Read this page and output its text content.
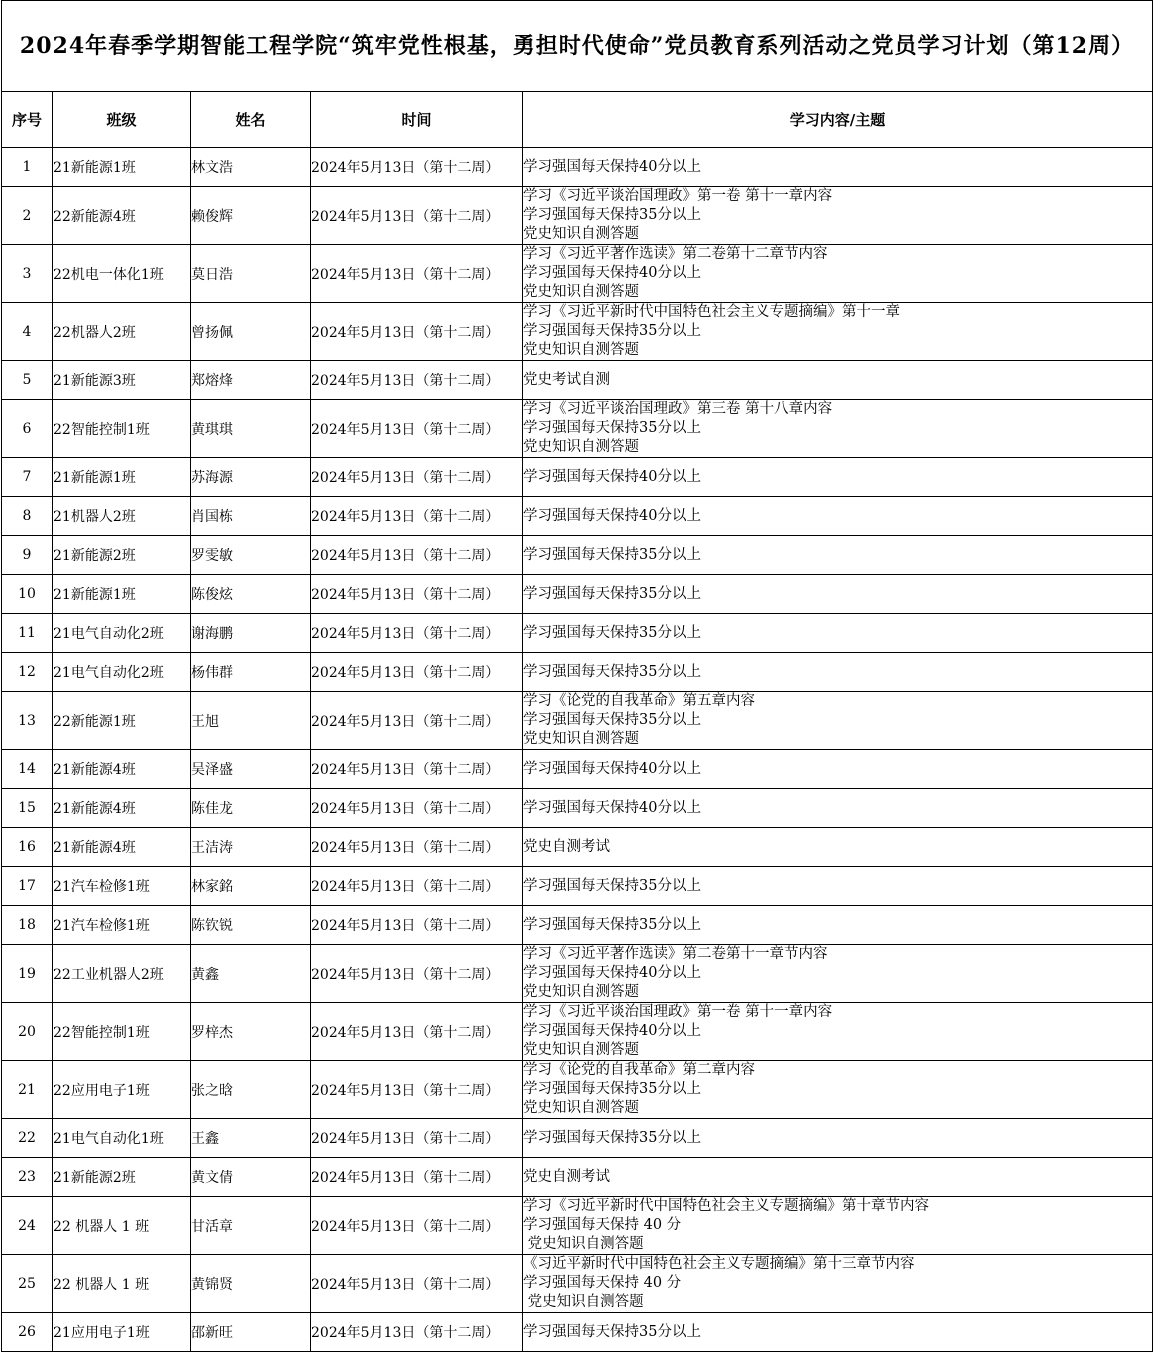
2024年春季学期智能工程学院“筑牢党性根基，勇担时代使命”党员教育系列活动之党员学习计划（第12周）				
序号	班级	姓名	时间	学习内容/主题
1	21新能源1班	林文浩	2024年5月13日（第十二周）	学习强国每天保持40分以上
2	22新能源4班	赖俊辉	2024年5月13日（第十二周）	学习《习近平谈治国理政》第一卷 第十一章内容
学习强国每天保持35分以上
党史知识自测答题
3	22机电一体化1班	莫日浩	2024年5月13日（第十二周）	学习《习近平著作选读》第二卷第十二章节内容
学习强国每天保持40分以上
党史知识自测答题
4	22机器人2班	曾扬佩	2024年5月13日（第十二周）	学习《习近平新时代中国特色社会主义专题摘编》第十一章
学习强国每天保持35分以上
党史知识自测答题
5	21新能源3班	郑熔烽	2024年5月13日（第十二周）	党史考试自测
6	22智能控制1班	黄琪琪	2024年5月13日（第十二周）	学习《习近平谈治国理政》第三卷 第十八章内容
学习强国每天保持35分以上
党史知识自测答题
7	21新能源1班	苏海源	2024年5月13日（第十二周）	学习强国每天保持40分以上
8	21机器人2班	肖国栋	2024年5月13日（第十二周）	学习强国每天保持40分以上
9	21新能源2班	罗雯敏	2024年5月13日（第十二周）	学习强国每天保持35分以上
10	21新能源1班	陈俊炫	2024年5月13日（第十二周）	学习强国每天保持35分以上
11	21电气自动化2班	谢海鹏	2024年5月13日（第十二周）	学习强国每天保持35分以上
12	21电气自动化2班	杨伟群	2024年5月13日（第十二周）	学习强国每天保持35分以上
13	22新能源1班	王旭	2024年5月13日（第十二周）	学习《论党的自我革命》第五章内容
学习强国每天保持35分以上
党史知识自测答题
14	21新能源4班	吴泽盛	2024年5月13日（第十二周）	学习强国每天保持40分以上
15	21新能源4班	陈佳龙	2024年5月13日（第十二周）	学习强国每天保持40分以上
16	21新能源4班	王洁涛	2024年5月13日（第十二周）	党史自测考试
17	21汽车检修1班	林家銘	2024年5月13日（第十二周）	学习强国每天保持35分以上
18	21汽车检修1班	陈钦锐	2024年5月13日（第十二周）	学习强国每天保持35分以上
19	22工业机器人2班	黄鑫	2024年5月13日（第十二周）	学习《习近平著作选读》第二卷第十一章节内容
学习强国每天保持40分以上
党史知识自测答题
20	22智能控制1班	罗梓杰	2024年5月13日（第十二周）	学习《习近平谈治国理政》第一卷 第十一章内容
学习强国每天保持40分以上
党史知识自测答题
21	22应用电子1班	张之晗	2024年5月13日（第十二周）	学习《论党的自我革命》第二章内容
学习强国每天保持35分以上
党史知识自测答题
22	21电气自动化1班	王鑫	2024年5月13日（第十二周）	学习强国每天保持35分以上
23	21新能源2班	黄文倩	2024年5月13日（第十二周）	党史自测考试
24	22 机器人 1 班	甘活章	2024年5月13日（第十二周）	学习《习近平新时代中国特色社会主义专题摘编》第十章节内容
学习强国每天保持 40 分
党史知识自测答题
25	22 机器人 1 班	黄锦贤	2024年5月13日（第十二周）	《习近平新时代中国特色社会主义专题摘编》第十三章节内容
学习强国每天保持 40 分
党史知识自测答题
26	21应用电子1班	邵新旺	2024年5月13日（第十二周）	学习强国每天保持35分以上
